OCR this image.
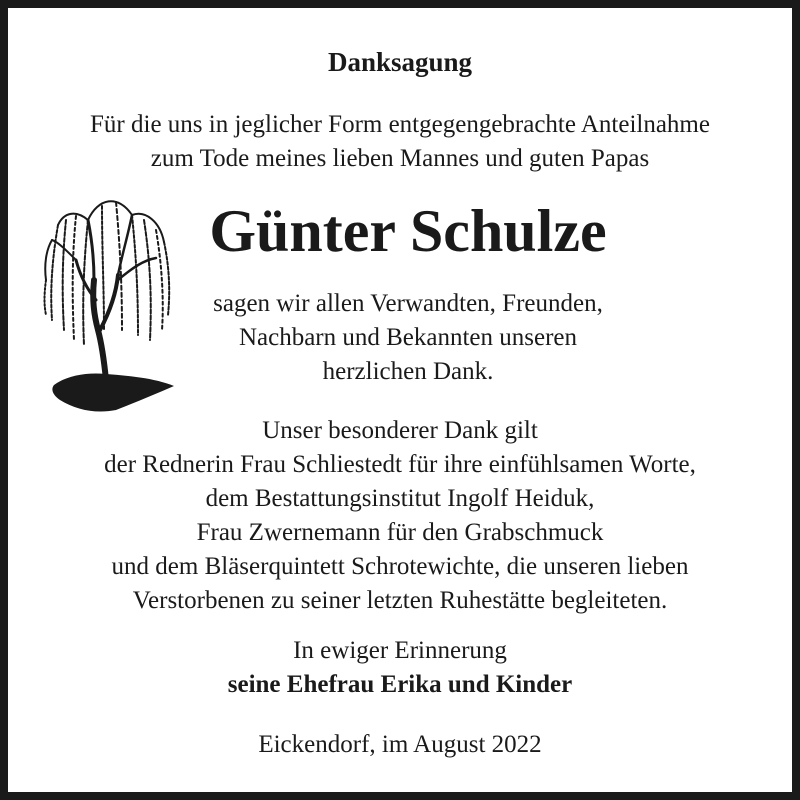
Danksagung
Für die uns in jeglicher Form entgegengebrachte Anteilnahme
zum Tode meines lieben Mannes und guten Papas
Günter Schulze
sagen wir allen Verwandten, Freunden,
Nachbarn und Bekannten unseren
herzlichen Dank.
Unser besonderer Dank gilt
der Rednerin Frau Schliestedt für ihre einfühlsamen Worte,
dem Bestattungsinstitut Ingolf Heiduk,
Frau Zwernemann für den Grabschmuck
und dem Bläserquintett Schrotewichte, die unseren lieben
Verstorbenen zu seiner letzten Ruhestätte begleiteten.
In ewiger Erinnerung
seine Ehefrau Erika und Kinder
Eickendorf, im August 2022
